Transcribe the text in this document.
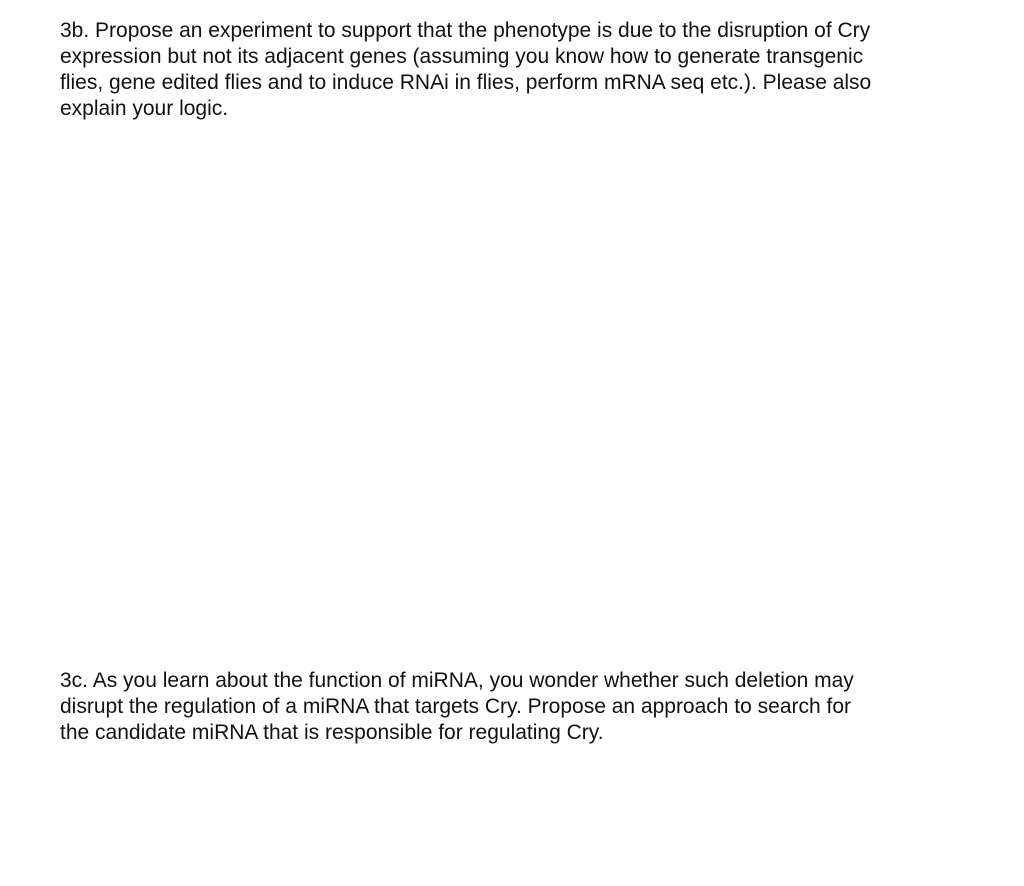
3b. Propose an experiment to support that the phenotype is due to the disruption of Cry
expression but not its adjacent genes (assuming you know how to generate transgenic
flies, gene edited flies and to induce RNAi in flies, perform mRNA seq etc.). Please also
explain your logic.
3c. As you learn about the function of miRNA, you wonder whether such deletion may
disrupt the regulation of a miRNA that targets Cry. Propose an approach to search for
the candidate miRNA that is responsible for regulating Cry.
